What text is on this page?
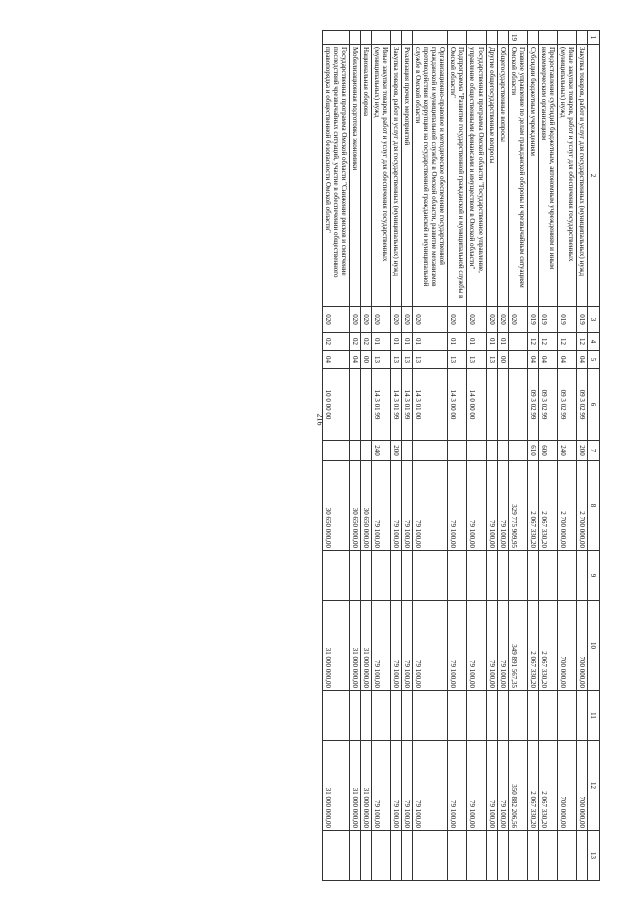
216
1	2	3	4	5	6	7	8	9	10	11	12	13
	Закупка товаров, работ и услуг для государственных (муниципальных) нужд	019	12	04	09 3 02 99	200	2 700 000,00		700 000,00		700 000,00	
	Иные закупки товаров, работ и услуг для обеспечения государственных (муниципальных) нужд	019	12	04	09 3 02 99	240	2 700 000,00		700 000,00		700 000,00	
	Предоставление субсидий бюджетным, автономным учреждениям и иным некоммерческим организациям	019	12	04	09 3 02 99	600	2 067 330,20		2 067 330,20		2 067 330,20	
	Субсидии бюджетным учреждениям	019	12	04	09 3 02 99	610	2 067 330,20		2 067 330,20		2 067 330,20	
19	Главное управление по делам гражданской обороны и чрезвычайным ситуациям Омской области	020					329 775 909,95		349 891 567,35		350 882 206,56	
	Общегосударственные вопросы	020	01	00			79 100,00		79 100,00		79 100,00	
	Другие общегосударственные вопросы	020	01	13			79 100,00		79 100,00		79 100,00	
	Государственная программа Омской области "Государственное управление, управление общественными финансами и имуществом в Омской области"	020	01	13	14 0 00 00		79 100,00		79 100,00		79 100,00	
	Подпрограмма "Развитие государственной гражданской и муниципальной службы в Омской области"	020	01	13	14 3 00 00		79 100,00		79 100,00		79 100,00	
	Организационно-правовое и методическое обеспечение государственной гражданской и муниципальной службы в Омской области, развитие механизмов противодействия коррупции на государственной гражданской и муниципальной службе в Омской области	020	01	13	14 3 01 00		79 100,00		79 100,00		79 100,00	
	Реализация прочих мероприятий	020	01	13	14 3 01 99		79 100,00		79 100,00		79 100,00	
	Закупка товаров, работ и услуг для государственных (муниципальных) нужд	020	01	13	14 3 01 99	200	79 100,00		79 100,00		79 100,00	
	Иные закупки товаров, работ и услуг для обеспечения государственных (муниципальных) нужд	020	01	13	14 3 01 99	240	79 100,00		79 100,00		79 100,00	
	Национальная оборона	020	02	00			30 650 000,00		31 000 000,00		31 000 000,00	
	Мобилизационная подготовка экономики	020	02	04			30 650 000,00		31 000 000,00		31 000 000,00	
	Государственная программа Омской области "Снижение рисков и смягчение последствий чрезвычайных ситуаций, участие в обеспечении общественного правопорядка и общественной безопасности Омской области"	020	02	04	10 0 00 00		30 650 000,00		31 000 000,00		31 000 000,00	
